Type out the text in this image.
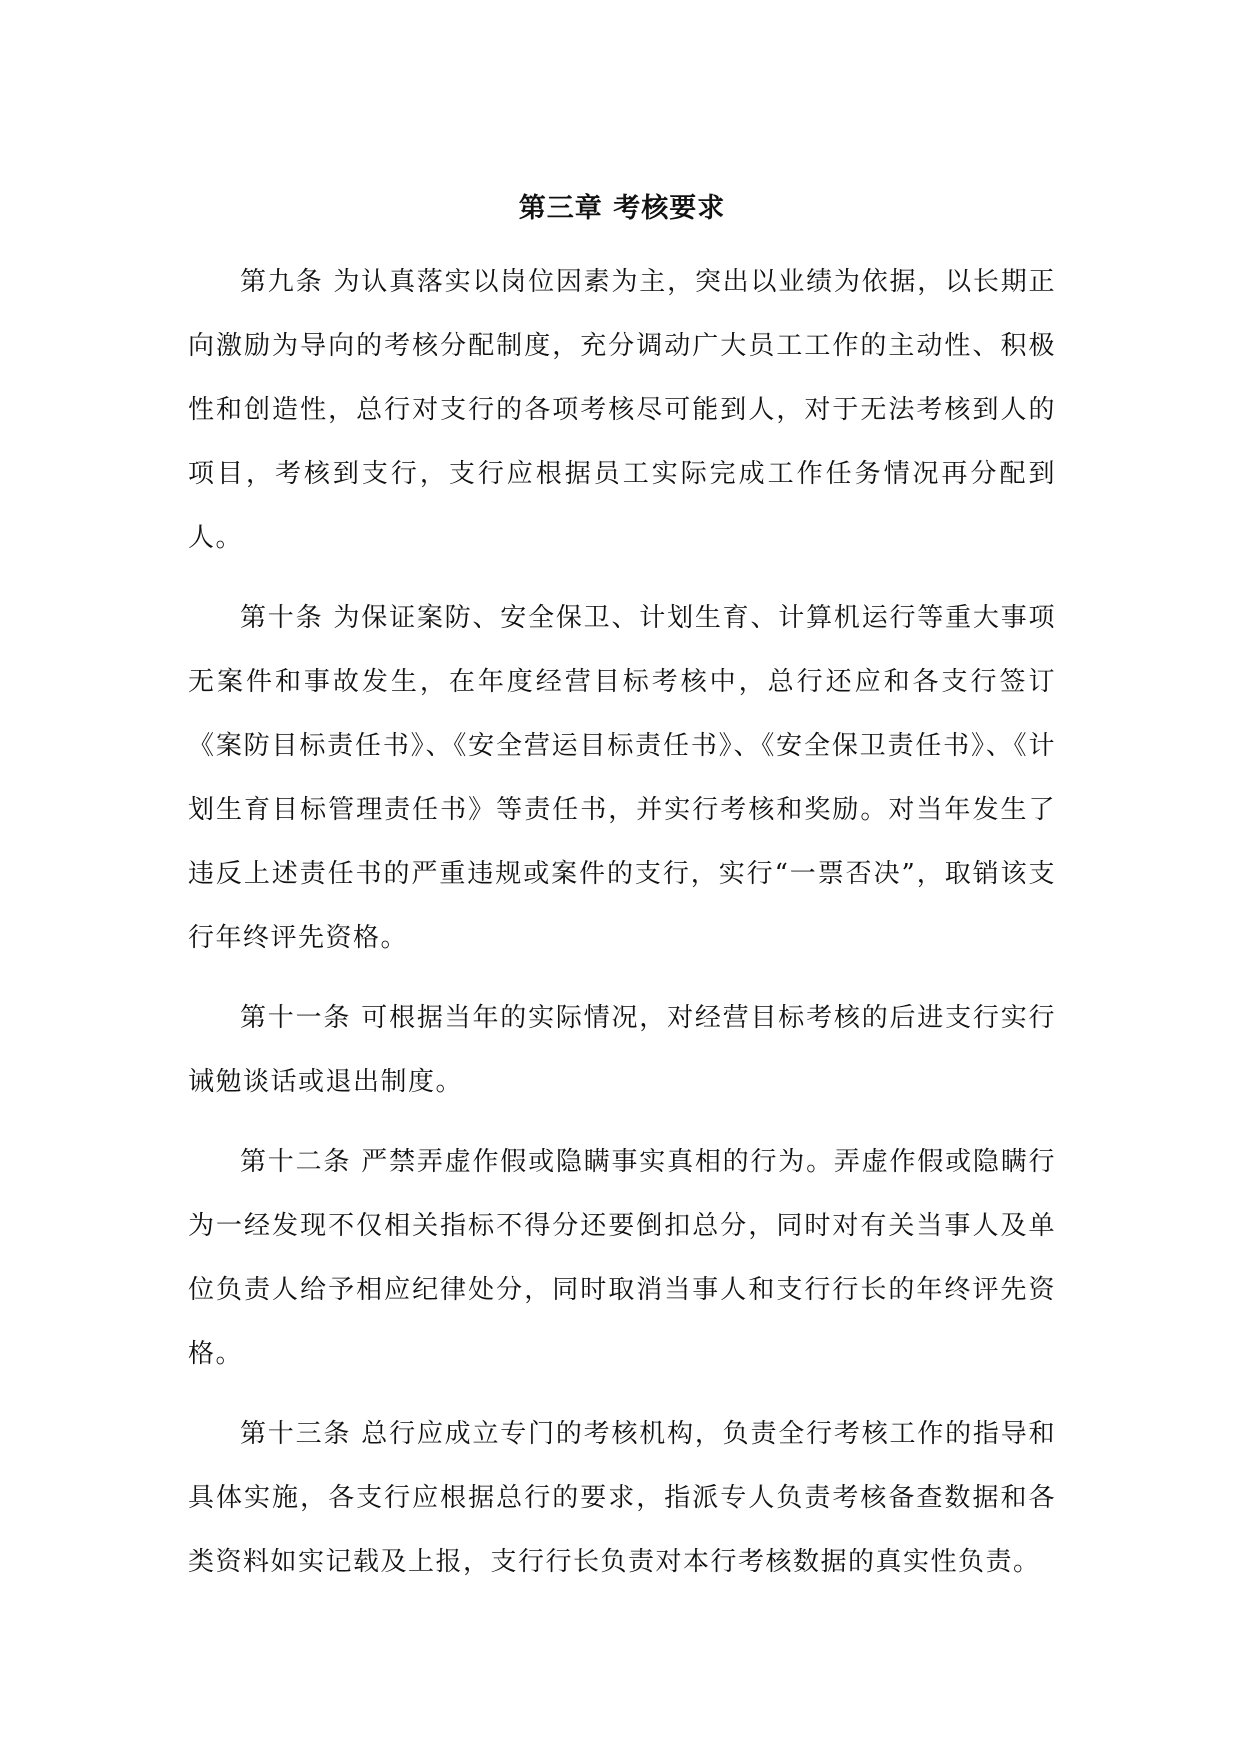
第三章 考核要求

第九条 为认真落实以岗位因素为主，突出以业绩为依据，以长期正向激励为导向的考核分配制度，充分调动广大员工工作的主动性、积极性和创造性，总行对支行的各项考核尽可能到人，对于无法考核到人的项目，考核到支行，支行应根据员工实际完成工作任务情况再分配到人。

第十条 为保证案防、安全保卫、计划生育、计算机运行等重大事项无案件和事故发生，在年度经营目标考核中，总行还应和各支行签订《案防目标责任书》、《安全营运目标责任书》、《安全保卫责任书》、《计划生育目标管理责任书》等责任书，并实行考核和奖励。对当年发生了违反上述责任书的严重违规或案件的支行，实行“一票否决”，取销该支行年终评先资格。

第十一条 可根据当年的实际情况，对经营目标考核的后进支行实行诫勉谈话或退出制度。

第十二条 严禁弄虚作假或隐瞒事实真相的行为。弄虚作假或隐瞒行为一经发现不仅相关指标不得分还要倒扣总分，同时对有关当事人及单位负责人给予相应纪律处分，同时取消当事人和支行行长的年终评先资格。

第十三条 总行应成立专门的考核机构，负责全行考核工作的指导和具体实施，各支行应根据总行的要求，指派专人负责考核备查数据和各类资料如实记载及上报，支行行长负责对本行考核数据的真实性负责。
